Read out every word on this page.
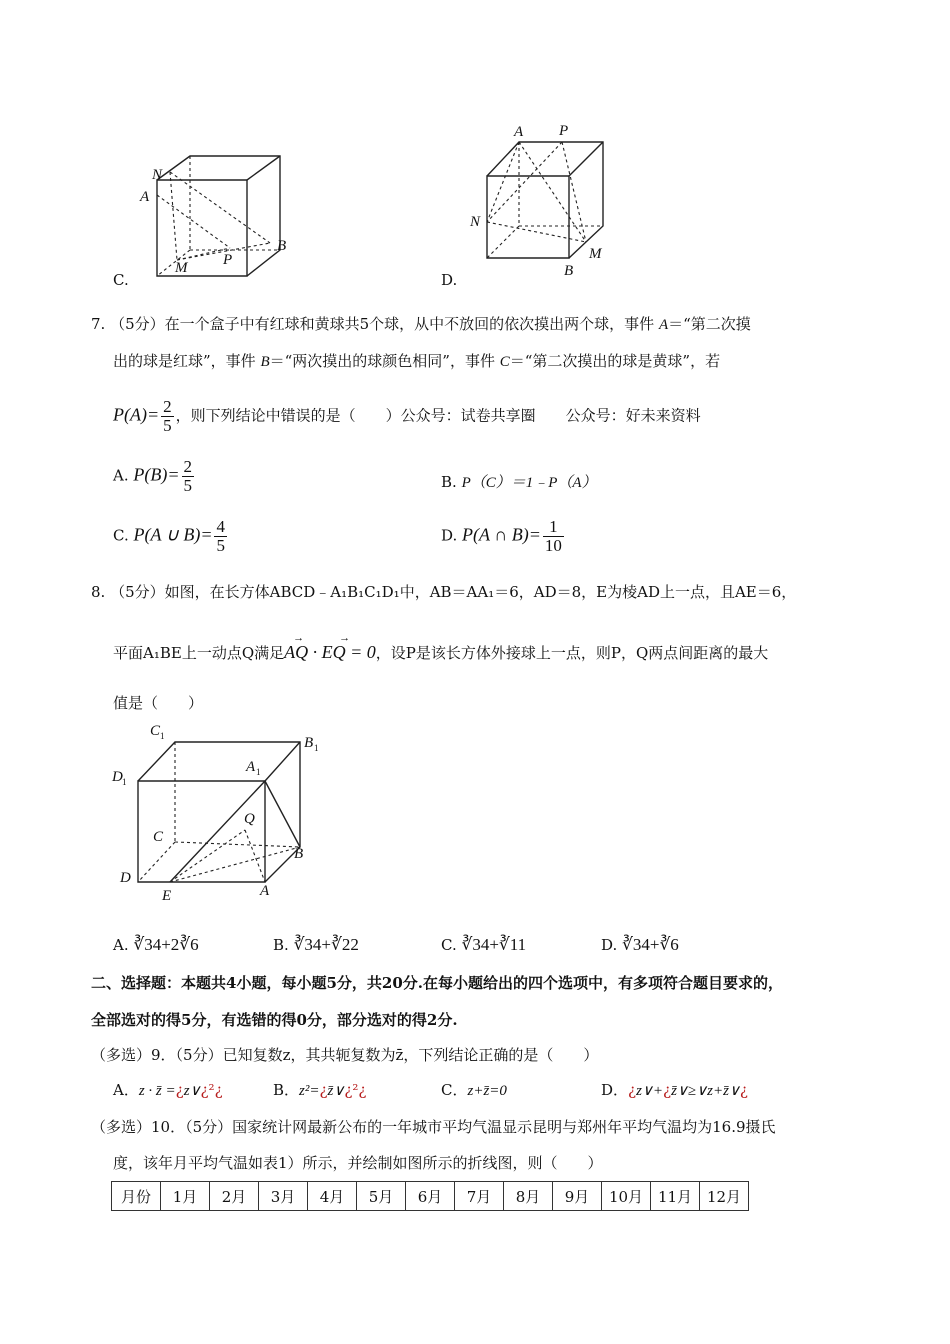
N
A
M P
B
C.
A P
N
M
B
D.
7. （5分）在一个盒子中有红球和黄球共5个球，从中不放回的依次摸出两个球，事件 A＝“第二次摸
出的球是红球”，事件 B＝“两次摸出的球颜色相同”，事件 C＝“第二次摸出的球是黄球”，若
$P(A)= \frac{2}{5}$ ，则下列结论中错误的是（　　）公众号：试卷共享圈　　公众号：好未来资料
A. $P(B)= \frac{2}{5}$	B. P（C）＝1﹣P（A）
C. P(A ∪ $B)= \frac{4}{5}$	D. P(A ∩ $B)= \frac{1}{10}$
8. （5分）如图，在长方体ABCD﹣A₁B₁C₁D₁中，AB＝AA₁＝6，AD＝8，E为棱AD上一点，且AE＝6，
平面A₁BE上一动点Q满足
→	→
AQ · EQ = 0，设P是该长方体外接球上一点，则P，Q两点间距离的最大
值是（　　）
C 1	B 1
D 1
A 1
Q
C
B
D
E	A
A. ∛34+2∛6	B. ∛34+∛22	C. ∛34+∛11	D. ∛34+∛6
二、选择题：本题共4小题，每小题5分，共20分.在每小题给出的四个选项中，有多项符合题目要求的，
全部选对的得5分，有选错的得0分，部分选对的得2分.
（多选）9．（5分）已知复数z，其共轭复数为z̄，下列结论正确的是（　　）
A．z · z̄ =¿z∨¿²¿	B．z²=¿z̄∨¿²¿	C．z+z̄=0	D．¿z∨+¿z̄∨≥∨z+z̄∨¿
（多选）10．（5分）国家统计网最新公布的一年城市平均气温显示昆明与郑州年平均气温均为16.9摄氏
度，该年月平均气温如表1）所示，并绘制如图所示的折线图，则（　　）
月份	1月	2月	3月	4月	5月	6月	7月	8月	9月	10月	11月	12月
